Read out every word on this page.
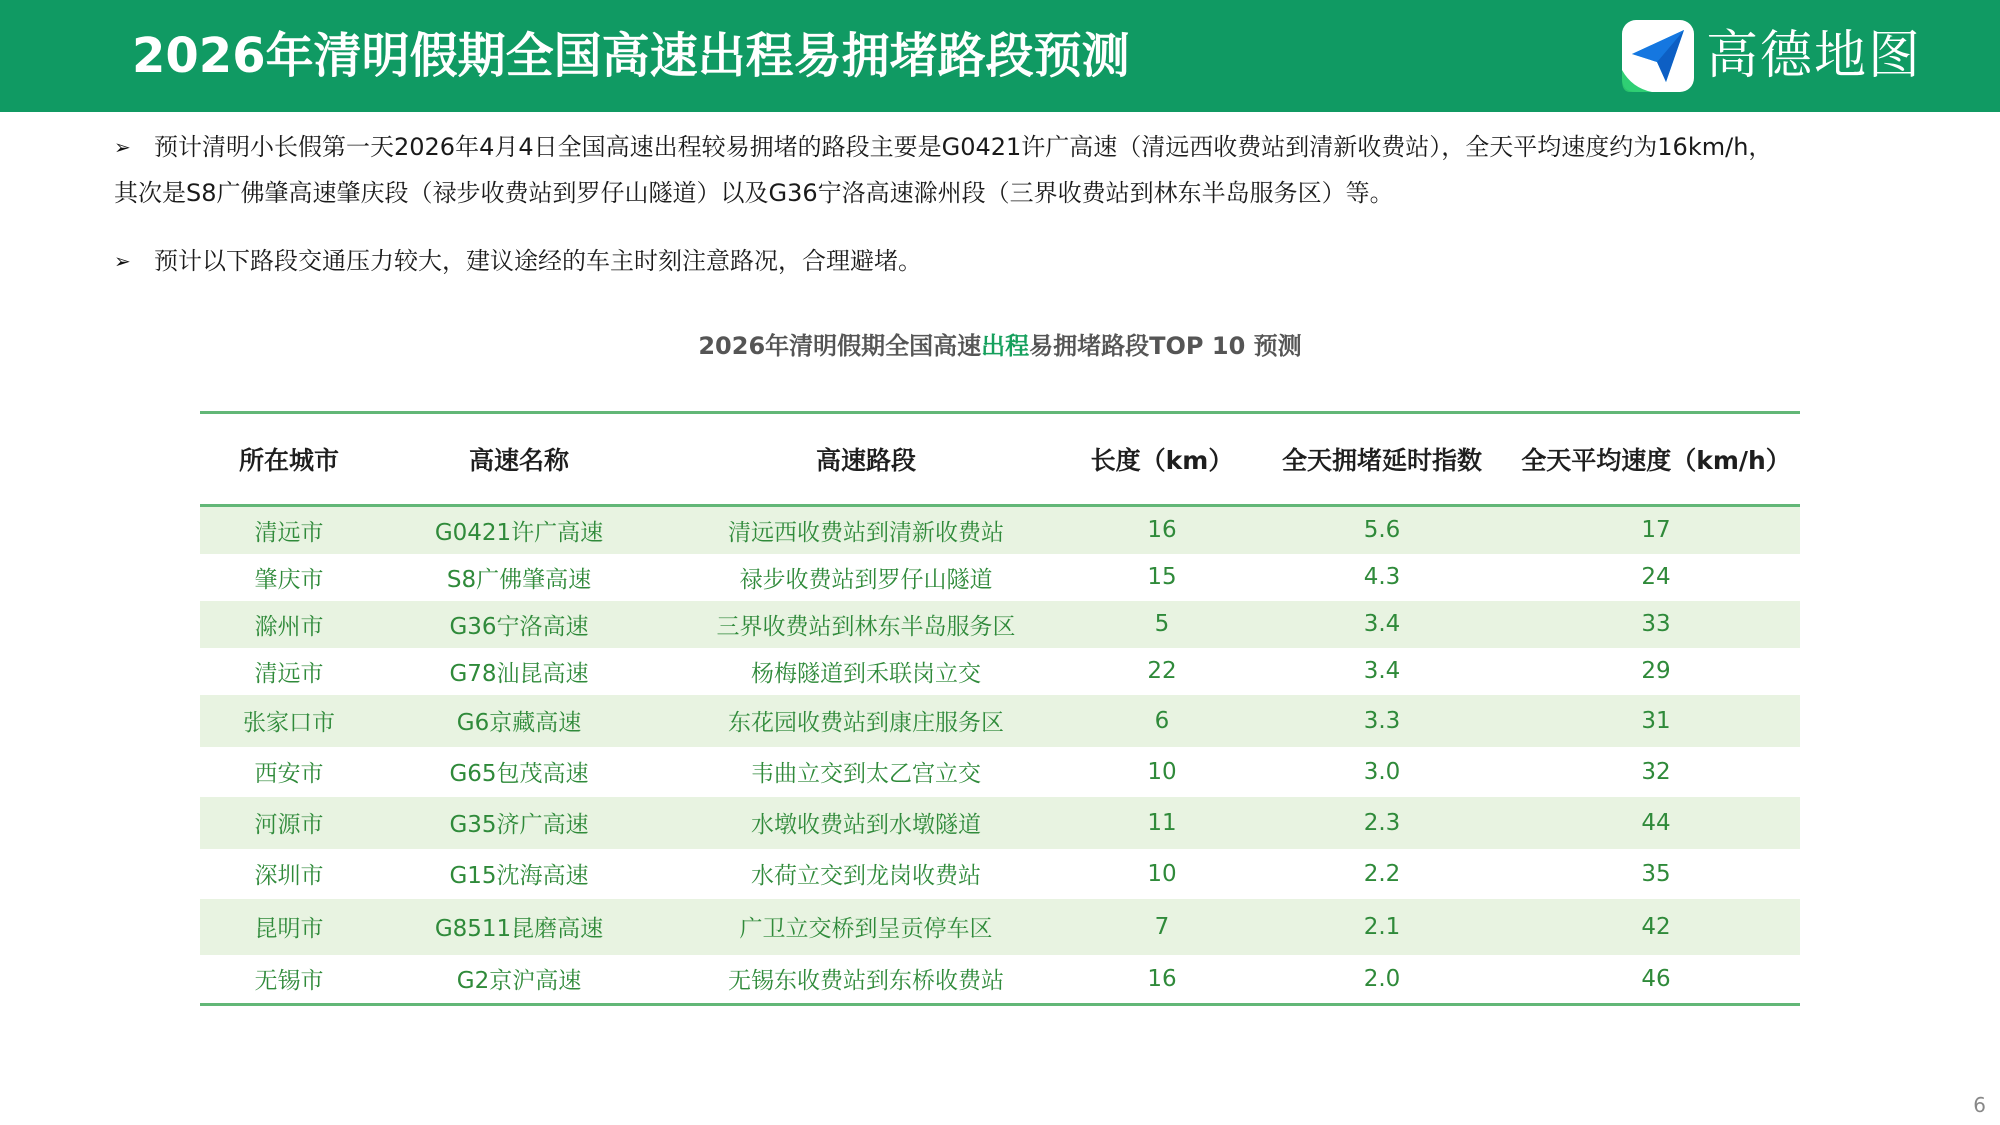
2026年清明假期全国高速出程易拥堵路段预测	高德地图
➢ 预计清明小长假第一天2026年4月4日全国高速出程较易拥堵的路段主要是G0421许广高速（清远西收费站到清新收费站），全天平均速度约为16km/h，
其次是S8广佛肇高速肇庆段（禄步收费站到罗仔山隧道）以及G36宁洛高速滁州段（三界收费站到林东半岛服务区）等。
➢ 预计以下路段交通压力较大，建议途经的车主时刻注意路况，合理避堵。
2026年清明假期全国高速出程易拥堵路段TOP 10 预测
所在城市	高速名称	高速路段	长度（km）	全天拥堵延时指数	全天平均速度（km/h）
清远市	G0421许广高速	清远西收费站到清新收费站	16	5.6	17
肇庆市	S8广佛肇高速	禄步收费站到罗仔山隧道	15	4.3	24
滁州市	G36宁洛高速	三界收费站到林东半岛服务区	5	3.4	33
清远市	G78汕昆高速	杨梅隧道到禾联岗立交	22	3.4	29
张家口市	G6京藏高速	东花园收费站到康庄服务区	6	3.3	31
西安市	G65包茂高速	韦曲立交到太乙宫立交	10	3.0	32
河源市	G35济广高速	水墩收费站到水墩隧道	11	2.3	44
深圳市	G15沈海高速	水荷立交到龙岗收费站	10	2.2	35
昆明市	G8511昆磨高速	广卫立交桥到呈贡停车区	7	2.1	42
无锡市	G2京沪高速	无锡东收费站到东桥收费站	16	2.0	46
6
